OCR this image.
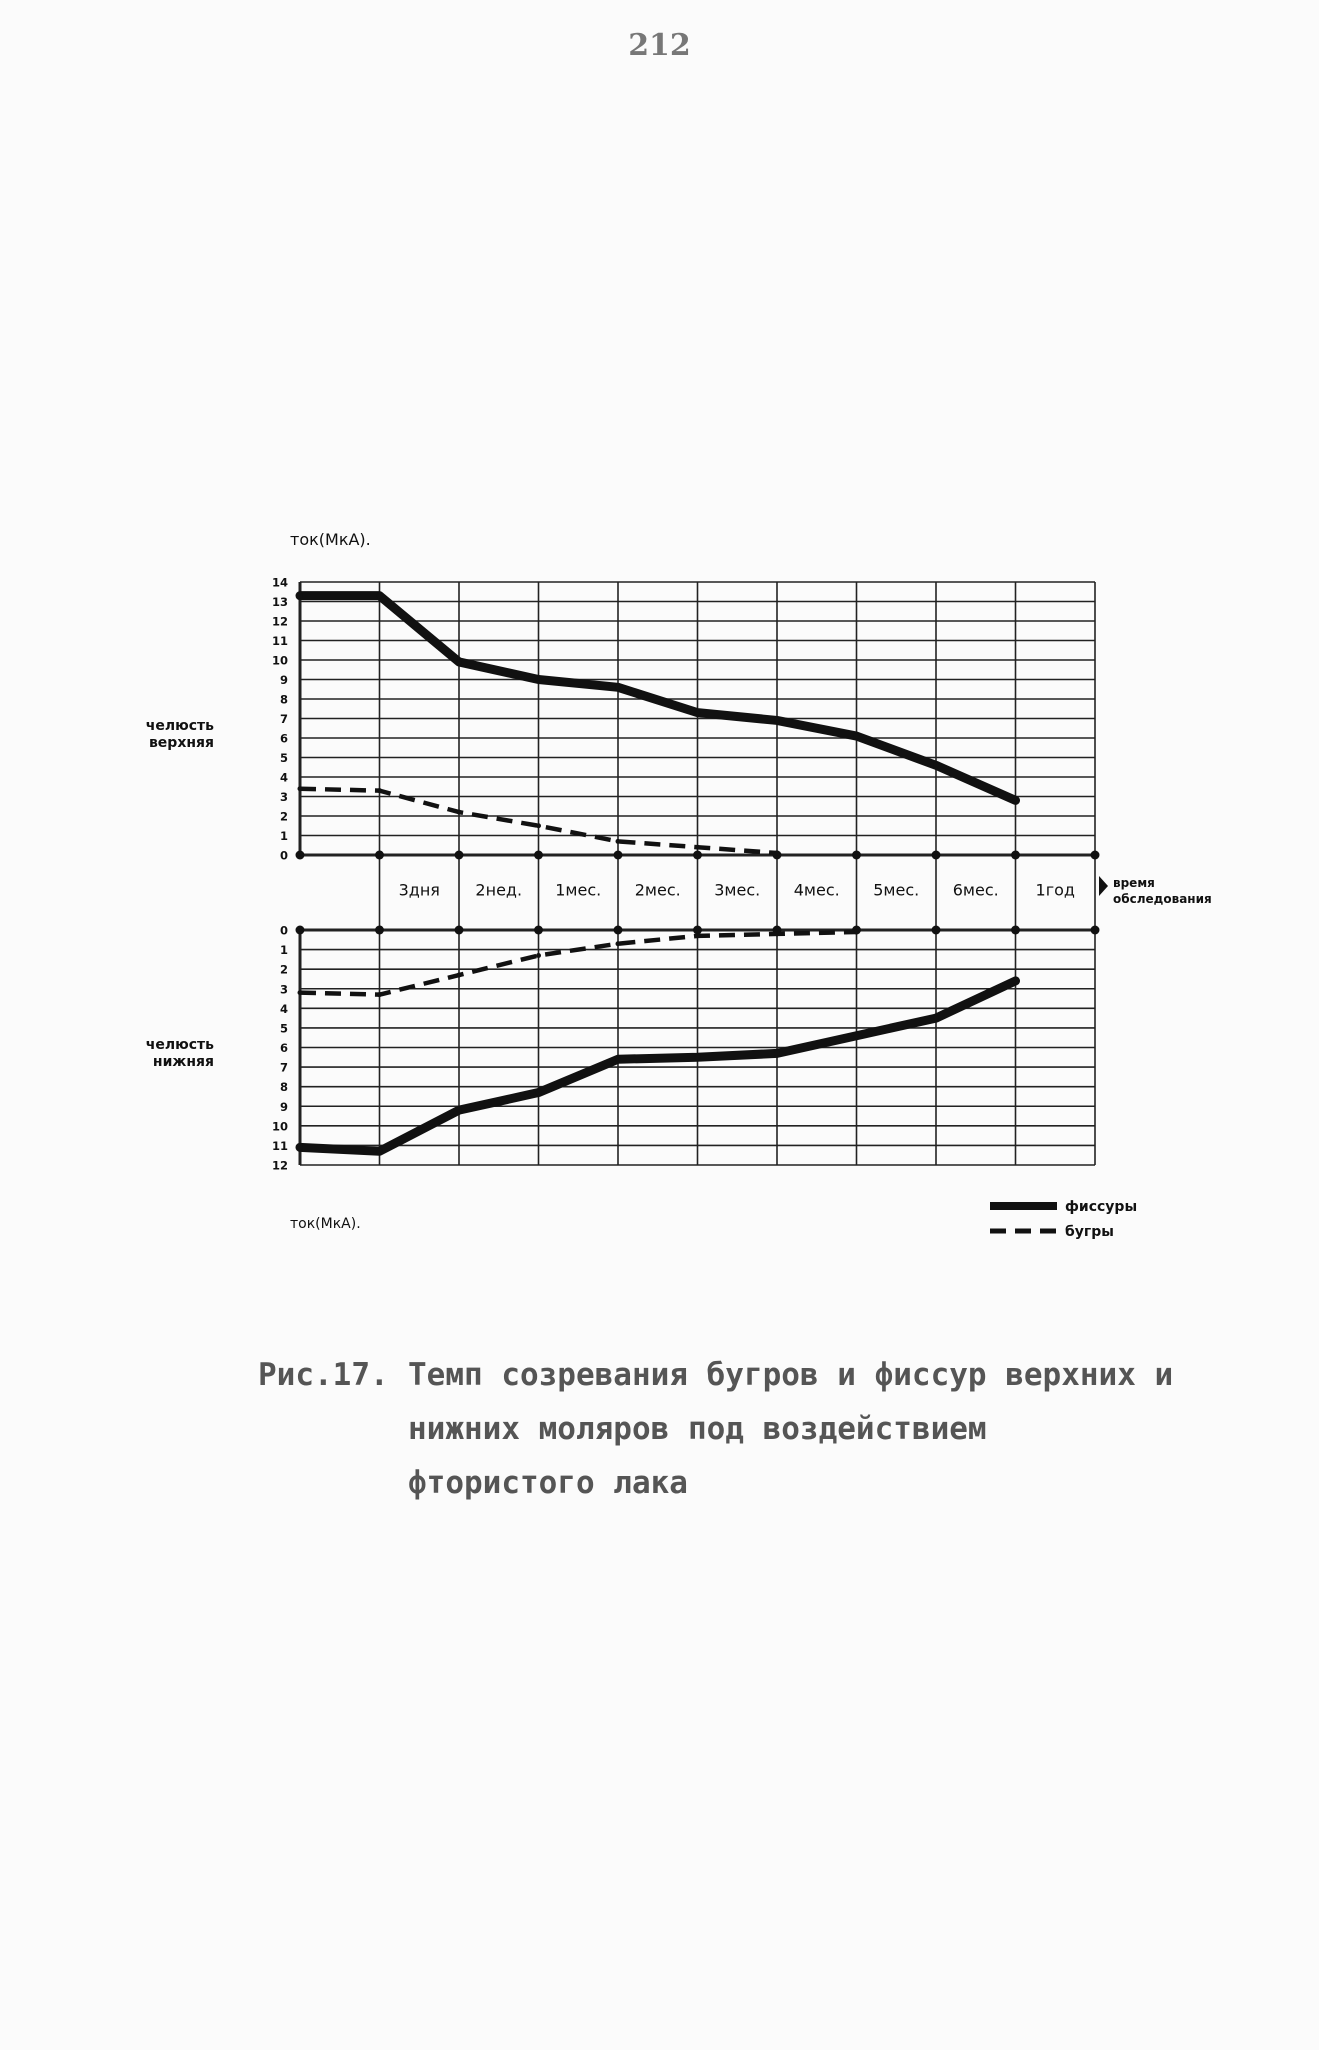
212
0
1
2
3
4
5
6
7
8
9
10
11
12
13
14
0
1
2
3
4
5
6
7
8
9
10
11
12
3дня 2нед. 1мес. 2мес. 3мес. 4мес. 5мес. 6мес. 1год	время
обследования
ток(МкА).
ток(МкА).
челюсть
верхняя
челюсть
нижняя
фиссуры
бугры
Рис.17. Темп созревания бугров и фиссур верхних и нижних моляров под воздействием фтористого лака
